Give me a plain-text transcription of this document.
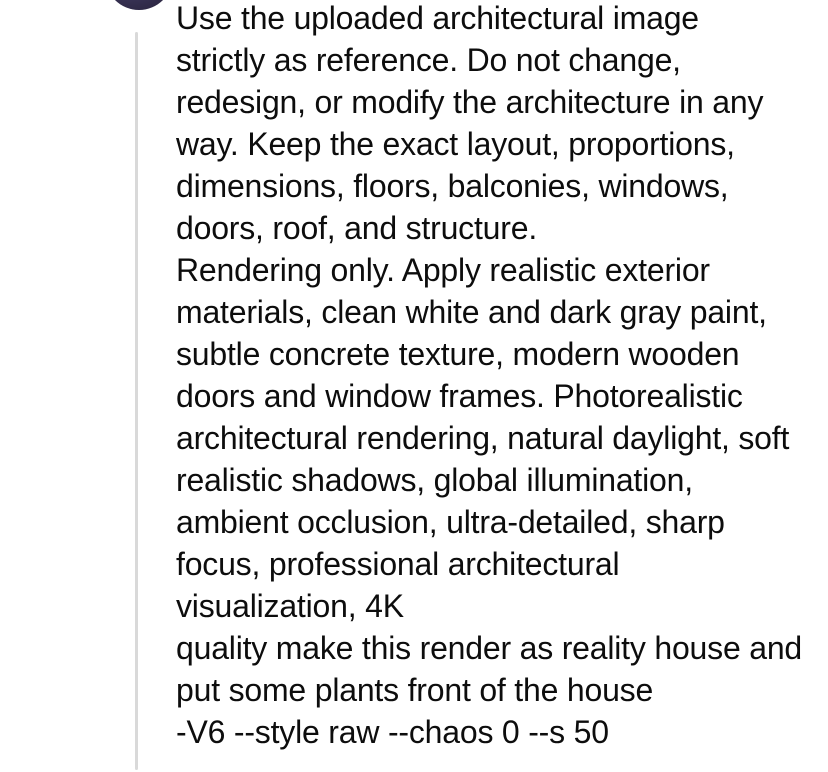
Use the uploaded architectural image
strictly as reference. Do not change,
redesign, or modify the architecture in any
way. Keep the exact layout, proportions,
dimensions, floors, balconies, windows,
doors, roof, and structure.
Rendering only. Apply realistic exterior
materials, clean white and dark gray paint,
subtle concrete texture, modern wooden
doors and window frames. Photorealistic
architectural rendering, natural daylight, soft
realistic shadows, global illumination,
ambient occlusion, ultra-detailed, sharp
focus, professional architectural
visualization, 4K
quality make this render as reality house and
put some plants front of the house
-V6 --style raw --chaos 0 --s 50
